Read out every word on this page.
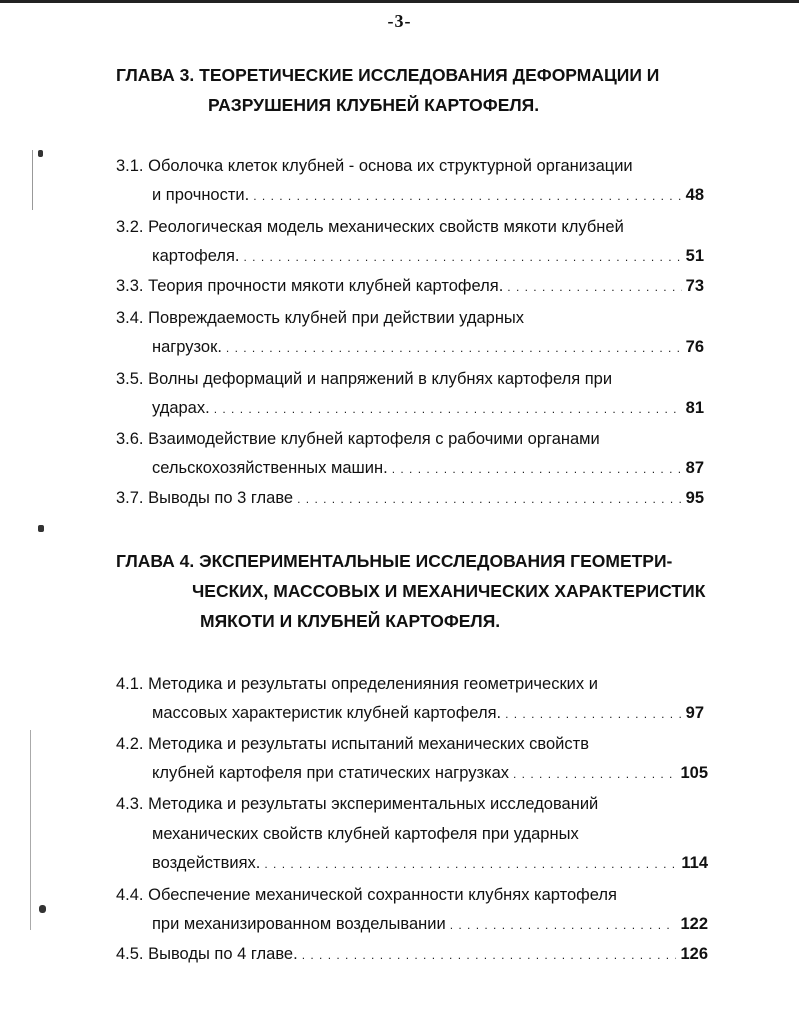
-3-
ГЛАВА 3. ТЕОРЕТИЧЕСКИЕ ИССЛЕДОВАНИЯ ДЕФОРМАЦИИ И
РАЗРУШЕНИЯ КЛУБНЕЙ КАРТОФЕЛЯ.
3.1. Оболочка клеток клубней - основа их структурной организации
и прочности. . . .	48
3.2. Реологическая модель механических свойств мякоти клубней
картофеля. . . .	51
3.3. Теория прочности мякоти клубней картофеля. . . .	73
3.4. Повреждаемость клубней при действии ударных
нагрузок. . . .	76
3.5. Волны деформаций и напряжений в клубнях картофеля при
ударах. . . .	81
3.6. Взаимодействие клубней картофеля с рабочими органами
сельскохозяйственных машин. . . .	87
3.7. Выводы по 3 главе . . .	95
ГЛАВА 4. ЭКСПЕРИМЕНТАЛЬНЫЕ ИССЛЕДОВАНИЯ ГЕОМЕТРИ-
ЧЕСКИХ, МАССОВЫХ И МЕХАНИЧЕСКИХ ХАРАКТЕРИСТИК
МЯКОТИ И КЛУБНЕЙ КАРТОФЕЛЯ.
4.1. Методика и результаты определенияния геометрических и
массовых характеристик клубней картофеля. . . .	97
4.2. Методика и результаты испытаний механических свойств
клубней картофеля при статических нагрузках . . .	105
4.3. Методика и результаты экспериментальных исследований
механических свойств клубней картофеля при ударных
воздействиях. . . .	114
4.4. Обеспечение механической сохранности клубнях картофеля
при механизированном возделывании . . .	122
4.5. Выводы по 4 главе. . . .	126
